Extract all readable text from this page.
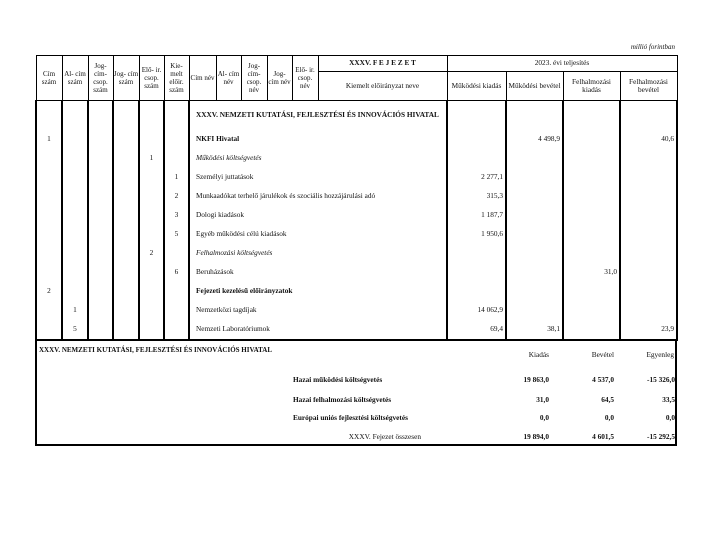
millió forintban
Cím szám	Al- cím szám	Jog- cím- csop. szám	Jog- cím szám	Elő- ir. csop. szám	Kie- melt előir. szám	Cím név	Al- cím név	Jog- cím- csop. név	Jog- cím név	Elő- ir. csop. név	XXXV. F E J E Z E T	2023. évi teljesítés			
											Kiemelt előirányzat neve	Működési kiadás	Működési bevétel	Felhalmozási kiadás	Felhalmozási bevétel

						XXXV. NEMZETI KUTATÁSI, FEJLESZTÉSI ÉS INNOVÁCIÓS HIVATAL									

1						NKFI Hivatal							4 498,9		40,6
				1		Működési költségvetés									
					1	Személyi juttatások						2 277,1			
					2	Munkaadókat terhelő járulékok és szociális hozzájárulási adó						315,3			
					3	Dologi kiadások						1 187,7			
					5	Egyéb működési célú kiadások						1 950,6			
				2		Felhalmozási költségvetés									
					6	Beruházások								31,0	
2						Fejezeti kezelésű előirányzatok									
	1					Nemzetközi tagdíjak						14 062,9			
	5					Nemzeti Laboratóriumok						69,4	38,1		23,9
XXXV. NEMZETI KUTATÁSI, FEJLESZTÉSI ÉS INNOVÁCIÓS HIVATAL	Kiadás	Bevétel	Egyenleg
Hazai működési költségvetés	19 863,0	4 537,0	-15 326,0
Hazai felhalmozási költségvetés	31,0	64,5	33,5
Európai uniós fejlesztési költségvetés	0,0	0,0	0,0
XXXV. Fejezet összesen	19 894,0	4 601,5	-15 292,5
